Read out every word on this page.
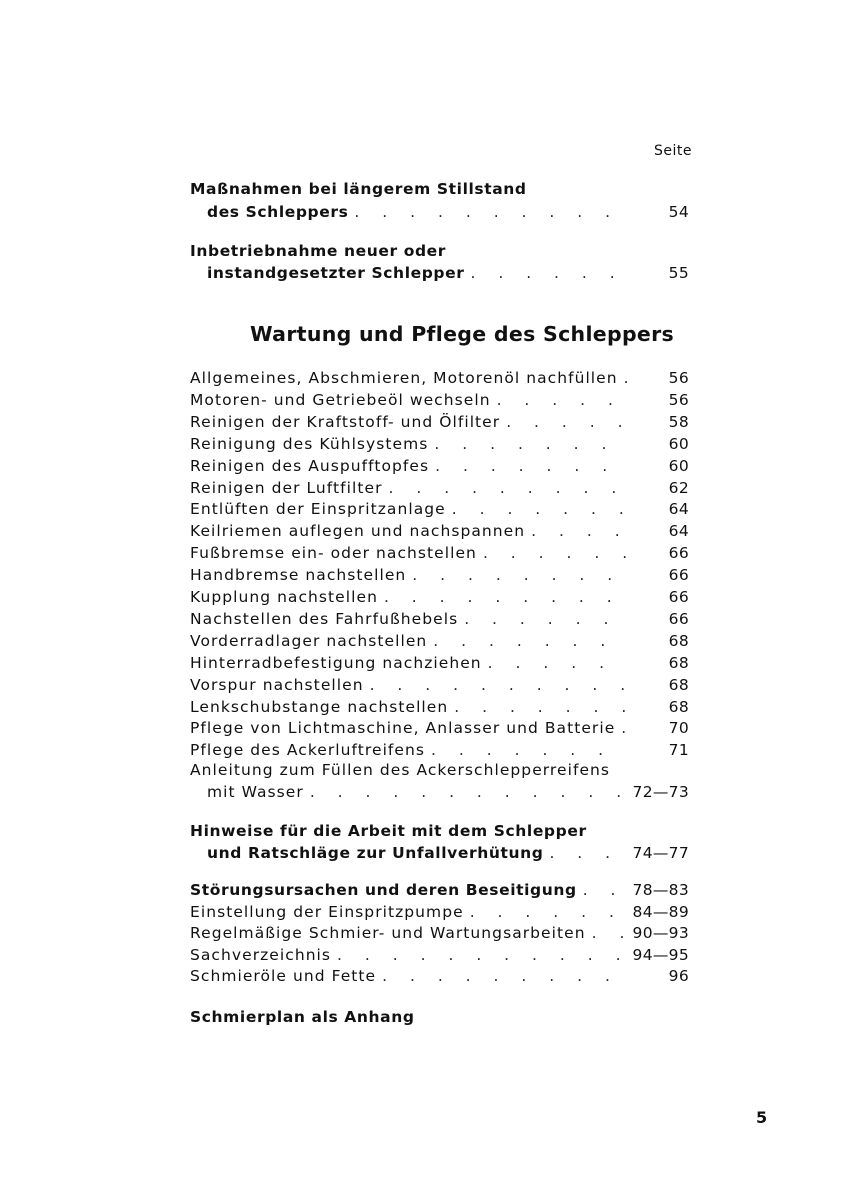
Seite
Maßnahmen bei längerem Stillstand
des Schleppers . . .	54
Inbetriebnahme neuer oder
instandgesetzter Schlepper . . .	55
Wartung und Pflege des Schleppers
Allgemeines, Abschmieren, Motorenöl nachfüllen . . .	56
Motoren- und Getriebeöl wechseln . . .	56
Reinigen der Kraftstoff- und Ölfilter . . .	58
Reinigung des Kühlsystems . . .	60
Reinigen des Auspufftopfes . . .	60
Reinigen der Luftfilter . . .	62
Entlüften der Einspritzanlage . . .	64
Keilriemen auflegen und nachspannen . . .	64
Fußbremse ein- oder nachstellen . . .	66
Handbremse nachstellen . . .	66
Kupplung nachstellen . . .	66
Nachstellen des Fahrfußhebels . . .	66
Vorderradlager nachstellen . . .	68
Hinterradbefestigung nachziehen . . .	68
Vorspur nachstellen . . .	68
Lenkschubstange nachstellen . . .	68
Pflege von Lichtmaschine, Anlasser und Batterie . . .	70
Pflege des Ackerluftreifens . . .	71
Anleitung zum Füllen des Ackerschlepperreifens
mit Wasser . . .	72—73
Hinweise für die Arbeit mit dem Schlepper
und Ratschläge zur Unfallverhütung . . .	74—77
Störungsursachen und deren Beseitigung . . .	78—83
Einstellung der Einspritzpumpe . . .	84—89
Regelmäßige Schmier- und Wartungsarbeiten . . .	90—93
Sachverzeichnis . . .	94—95
Schmieröle und Fette . . .	96
Schmierplan als Anhang
5
